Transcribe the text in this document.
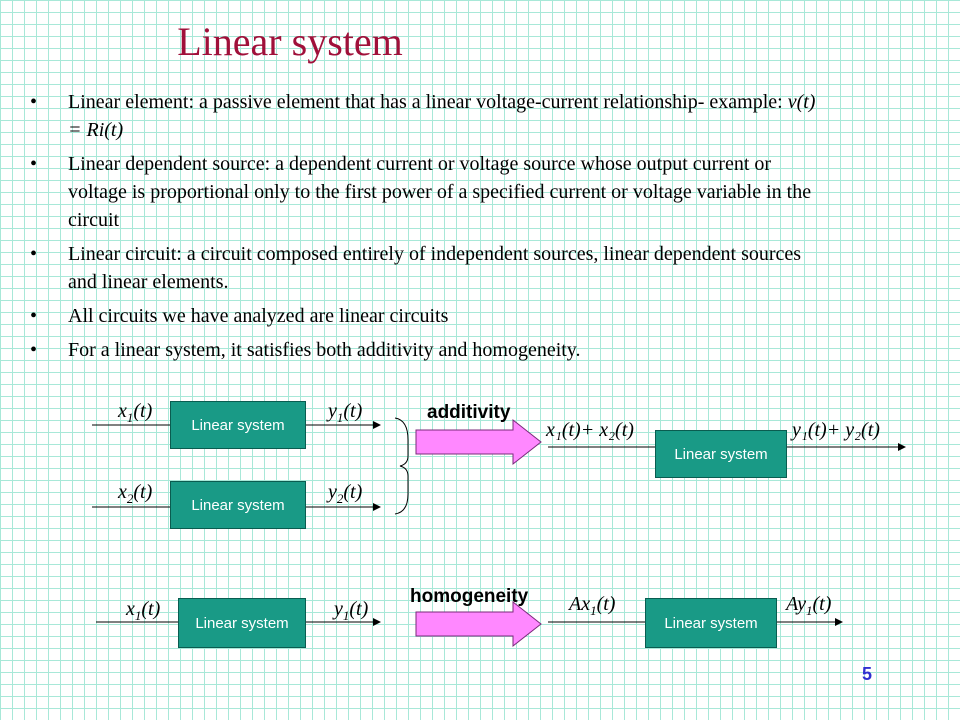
Linear system
• Linear element: a passive element that has a linear voltage-current relationship- example: v(t) = Ri(t)
• Linear dependent source: a dependent current or voltage source whose output current or voltage is proportional only to the first power of a specified current or voltage variable in the circuit
• Linear circuit: a circuit composed entirely of independent sources, linear dependent sources and linear elements.
• All circuits we have analyzed are linear circuits
• For a linear system, it satisfies both additivity and homogeneity.
Linear system
$x_1(t)$	$y_1(t)$
Linear system
$x_2(t)$	$y_2(t)$
additivity
Linear system
x₁(t)+ x₂(t)	y₁(t)+ y₂(t)
Linear system
$x_1(t)$	$y_1(t)$
homogeneity
Linear system
$Ax_1(t)$	$Ay_1(t)$
5
